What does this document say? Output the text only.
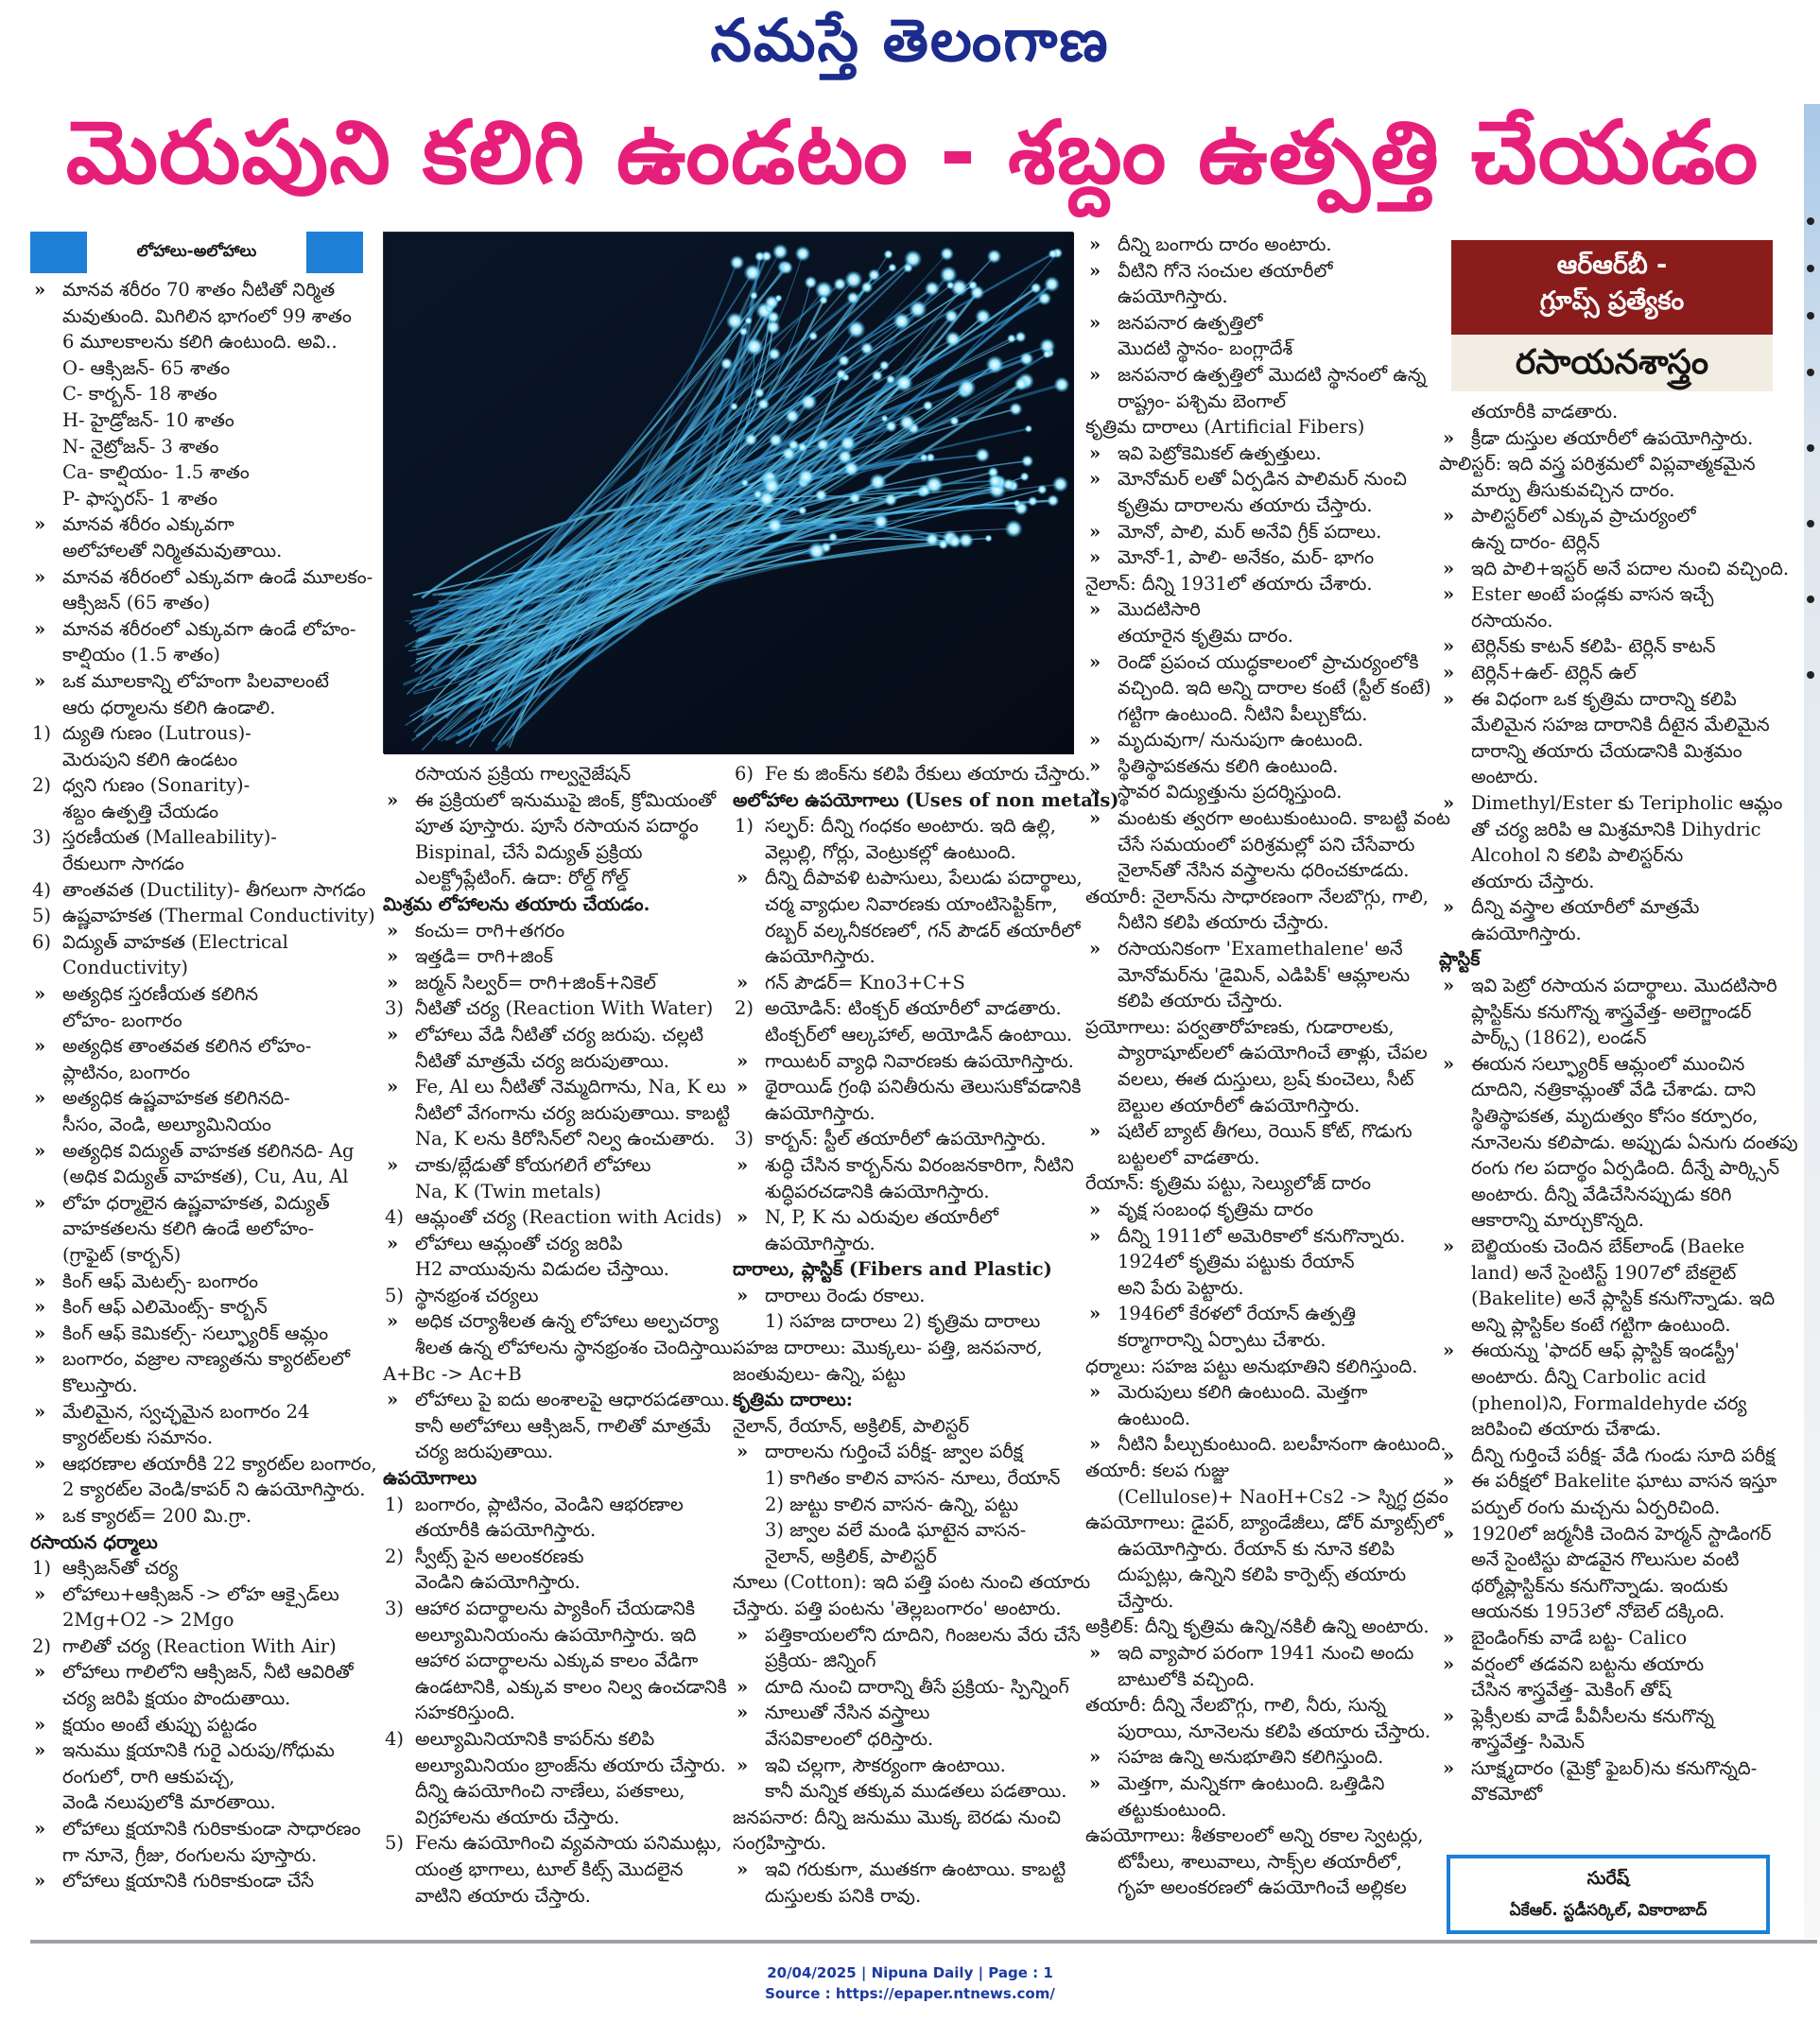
నమస్తే తెలంగాణ
మెరుపుని కలిగి ఉండటం - శబ్దం ఉత్పత్తి చేయడం
లోహాలు-అలోహాలు
» మానవ శరీరం 70 శాతం నీటితో నిర్మిత
మవుతుంది. మిగిలిన భాగంలో 99 శాతం
6 మూలకాలను కలిగి ఉంటుంది. అవి..
O- ఆక్సిజన్- 65 శాతం
C- కార్బన్- 18 శాతం
H- హైడ్రోజన్- 10 శాతం
N- నైట్రోజన్- 3 శాతం
Ca- కాల్షియం- 1.5 శాతం
P- ఫాస్ఫరస్- 1 శాతం
» మానవ శరీరం ఎక్కువగా
అలోహాలతో నిర్మితమవుతాయి.
» మానవ శరీరంలో ఎక్కువగా ఉండే మూలకం-
ఆక్సిజన్ (65 శాతం)
» మానవ శరీరంలో ఎక్కువగా ఉండే లోహం-
కాల్షియం (1.5 శాతం)
» ఒక మూలకాన్ని లోహంగా పిలవాలంటే
ఆరు ధర్మాలను కలిగి ఉండాలి.
1) ద్యుతి గుణం (Lutrous)-
మెరుపుని కలిగి ఉండటం
2) ధ్వని గుణం (Sonarity)-
శబ్దం ఉత్పత్తి చేయడం
3) స్తరణీయత (Malleability)-
రేకులుగా సాగడం
4) తాంతవత (Ductility)- తీగలుగా సాగడం
5) ఉష్ణవాహకత (Thermal Conductivity)
6) విద్యుత్ వాహకత (Electrical
Conductivity)
» అత్యధిక స్తరణీయత కలిగిన
లోహం- బంగారం
» అత్యధిక తాంతవత కలిగిన లోహం-
ప్లాటినం, బంగారం
» అత్యధిక ఉష్ణవాహకత కలిగినది-
సీసం, వెండి, అల్యూమినియం
» అత్యధిక విద్యుత్ వాహకత కలిగినది- Ag
(అధిక విద్యుత్ వాహకత), Cu, Au, Al
» లోహ ధర్మాలైన ఉష్ణవాహకత, విద్యుత్
వాహకతలను కలిగి ఉండే అలోహం-
(గ్రాఫైట్ (కార్బన్)
» కింగ్ ఆఫ్ మెటల్స్- బంగారం
» కింగ్ ఆఫ్ ఎలిమెంట్స్- కార్బన్
» కింగ్ ఆఫ్ కెమికల్స్- సల్ఫ్యూరిక్ ఆమ్లం
» బంగారం, వజ్రాల నాణ్యతను క్యారట్‌లలో
కొలుస్తారు.
» మేలిమైన, స్వచ్ఛమైన బంగారం 24
క్యారట్‌లకు సమానం.
» ఆభరణాల తయారీకి 22 క్యారట్‌ల బంగారం,
2 క్యారట్‌ల వెండి/కాపర్ ని ఉపయోగిస్తారు.
» ఒక క్యారట్= 200 మి.గ్రా.
రసాయన ధర్మాలు
1) ఆక్సిజన్‌తో చర్య
» లోహాలు+ఆక్సిజన్ -> లోహ ఆక్సైడ్‌లు
2Mg+O2 -> 2Mgo
2) గాలితో చర్య (Reaction With Air)
» లోహాలు గాలిలోని ఆక్సిజన్, నీటి ఆవిరితో
చర్య జరిపి క్షయం పొందుతాయి.
» క్షయం అంటే తుప్పు పట్టడం
» ఇనుము క్షయానికి గురై ఎరుపు/గోధుమ
రంగులో, రాగి ఆకుపచ్చ,
వెండి నలుపులోకి మారతాయి.
» లోహాలు క్షయానికి గురికాకుండా సాధారణం
గా నూనె, గ్రీజు, రంగులను పూస్తారు.
» లోహాలు క్షయానికి గురికాకుండా చేసే
రసాయన ప్రక్రియ గాల్వనైజేషన్
» ఈ ప్రక్రియలో ఇనుముపై జింక్, క్రోమియంతో
పూత పూస్తారు. పూసే రసాయన పదార్థం
Bispinal, చేసే విద్యుత్ ప్రక్రియ
ఎలక్ట్రోప్లేటింగ్. ఉదా: రోల్డ్ గోల్డ్
మిశ్రమ లోహాలను తయారు చేయడం.
» కంచు= రాగి+తగరం
» ఇత్తడి= రాగి+జింక్
» జర్మన్ సిల్వర్= రాగి+జింక్+నికెల్
3) నీటితో చర్య (Reaction With Water)
» లోహాలు వేడి నీటితో చర్య జరుపు. చల్లటి
నీటితో మాత్రమే చర్య జరుపుతాయి.
» Fe, Al లు నీటితో నెమ్మదిగాను, Na, K లు
నీటిలో వేగంగాను చర్య జరుపుతాయి. కాబట్టి
Na, K లను కిరోసిన్‌లో నిల్వ ఉంచుతారు.
» చాకు/బ్లేడుతో కోయగలిగే లోహాలు
Na, K (Twin metals)
4) ఆమ్లంతో చర్య (Reaction with Acids)
» లోహాలు ఆమ్లంతో చర్య జరిపి
H2 వాయువును విడుదల చేస్తాయి.
5) స్థానభ్రంశ చర్యలు
» అధిక చర్యాశీలత ఉన్న లోహాలు అల్పచర్యా
శీలత ఉన్న లోహాలను స్థానభ్రంశం చెందిస్తాయి.
A+Bc -> Ac+B
» లోహాలు పై ఐదు అంశాలపై ఆధారపడతాయి.
కానీ అలోహాలు ఆక్సిజన్, గాలితో మాత్రమే
చర్య జరుపుతాయి.
ఉపయోగాలు
1) బంగారం, ప్లాటినం, వెండిని ఆభరణాల
తయారీకి ఉపయోగిస్తారు.
2) స్వీట్స్ పైన అలంకరణకు
వెండిని ఉపయోగిస్తారు.
3) ఆహార పదార్థాలను ప్యాకింగ్ చేయడానికి
అల్యూమినియంను ఉపయోగిస్తారు. ఇది
ఆహార పదార్థాలను ఎక్కువ కాలం వేడిగా
ఉండటానికి, ఎక్కువ కాలం నిల్వ ఉంచడానికి
సహకరిస్తుంది.
4) అల్యూమినియానికి కాపర్‌ను కలిపి
అల్యూమినియం బ్రాంజ్‌ను తయారు చేస్తారు.
దీన్ని ఉపయోగించి నాణేలు, పతకాలు,
విగ్రహాలను తయారు చేస్తారు.
5) Feను ఉపయోగించి వ్యవసాయ పనిముట్లు,
యంత్ర భాగాలు, టూల్ కిట్స్ మొదలైన
వాటిని తయారు చేస్తారు.
6) Fe కు జింక్‌ను కలిపి రేకులు తయారు చేస్తారు.
అలోహాల ఉపయోగాలు (Uses of non metals)
1) సల్ఫర్: దీన్ని గంధకం అంటారు. ఇది ఉల్లి,
వెల్లుల్లి, గోర్లు, వెంట్రుకల్లో ఉంటుంది.
» దీన్ని దీపావళి టపాసులు, పేలుడు పదార్థాలు,
చర్మ వ్యాధుల నివారణకు యాంటిసెప్టిక్‌గా,
రబ్బర్ వల్కనీకరణలో, గన్ పౌడర్ తయారీలో
ఉపయోగిస్తారు.
» గన్ పౌడర్= Kno3+C+S
2) అయోడిన్: టింక్చర్ తయారీలో వాడతారు.
టింక్చర్‌లో ఆల్కహాల్, అయోడిన్ ఉంటాయి.
» గాయిటర్ వ్యాధి నివారణకు ఉపయోగిస్తారు.
» థైరాయిడ్ గ్రంథి పనితీరును తెలుసుకోవడానికి
ఉపయోగిస్తారు.
3) కార్బన్: స్టీల్ తయారీలో ఉపయోగిస్తారు.
» శుద్ధి చేసిన కార్బన్‌ను విరంజనకారిగా, నీటిని
శుద్ధిపరచడానికి ఉపయోగిస్తారు.
» N, P, K ను ఎరువుల తయారీలో
ఉపయోగిస్తారు.
దారాలు, ప్లాస్టిక్ (Fibers and Plastic)
» దారాలు రెండు రకాలు.
1) సహజ దారాలు 2) కృత్రిమ దారాలు
సహజ దారాలు: మొక్కలు- పత్తి, జనపనార,
జంతువులు- ఉన్ని, పట్టు
కృత్రిమ దారాలు:
నైలాన్, రేయాన్, అక్రిలిక్, పాలిస్టర్
» దారాలను గుర్తించే పరీక్ష- జ్వాల పరీక్ష
1) కాగితం కాలిన వాసన- నూలు, రేయాన్
2) జుట్టు కాలిన వాసన- ఉన్ని, పట్టు
3) జ్వాల వలే మండి ఘాటైన వాసన-
నైలాన్, అక్రిలిక్, పాలిస్టర్
నూలు (Cotton): ఇది పత్తి పంట నుంచి తయారు
చేస్తారు. పత్తి పంటను 'తెల్లబంగారం' అంటారు.
» పత్తికాయలలోని దూదిని, గింజలను వేరు చేసే
ప్రక్రియ- జిన్నింగ్
» దూది నుంచి దారాన్ని తీసే ప్రక్రియ- స్పిన్నింగ్
» నూలుతో నేసిన వస్త్రాలు
వేసవికాలంలో ధరిస్తారు.
» ఇవి చల్లగా, సౌకర్యంగా ఉంటాయి.
కానీ మన్నిక తక్కువ ముడతలు పడతాయి.
జనపనార: దీన్ని జనుము మొక్క బెరడు నుంచి
సంగ్రహిస్తారు.
» ఇవి గరుకుగా, ముతకగా ఉంటాయి. కాబట్టి
దుస్తులకు పనికి రావు.
» దీన్ని బంగారు దారం అంటారు.
» వీటిని గోనె సంచుల తయారీలో
ఉపయోగిస్తారు.
» జనపనార ఉత్పత్తిలో
మొదటి స్థానం- బంగ్లాదేశ్
» జనపనార ఉత్పత్తిలో మొదటి స్థానంలో ఉన్న
రాష్ట్రం- పశ్చిమ బెంగాల్
కృత్రిమ దారాలు (Artificial Fibers)
» ఇవి పెట్రోకెమికల్ ఉత్పత్తులు.
» మోనోమర్ లతో ఏర్పడిన పాలిమర్ నుంచి
కృత్రిమ దారాలను తయారు చేస్తారు.
» మోనో, పాలి, మర్ అనేవి గ్రీక్ పదాలు.
» మోనో-1, పాలి- అనేకం, మర్- భాగం
నైలాన్: దీన్ని 1931లో తయారు చేశారు.
» మొదటిసారి
తయారైన కృత్రిమ దారం.
» రెండో ప్రపంచ యుద్ధకాలంలో ప్రాచుర్యంలోకి
వచ్చింది. ఇది అన్ని దారాల కంటే (స్టీల్ కంటే)
గట్టిగా ఉంటుంది. నీటిని పీల్చుకోదు.
» మృదువుగా/ నునుపుగా ఉంటుంది.
» స్థితిస్థాపకతను కలిగి ఉంటుంది.
» స్థావర విద్యుత్తును ప్రదర్శిస్తుంది.
» మంటకు త్వరగా అంటుకుంటుంది. కాబట్టి వంట
చేసే సమయంలో పరిశ్రమల్లో పని చేసేవారు
నైలాన్‌తో నేసిన వస్త్రాలను ధరించకూడదు.
తయారీ: నైలాన్‌ను సాధారణంగా నేలబొగ్గు, గాలి,
నీటిని కలిపి తయారు చేస్తారు.
» రసాయనికంగా 'Examethalene' అనే
మోనోమర్‌ను 'డైమిన్, ఎడిపిక్' ఆమ్లాలను
కలిపి తయారు చేస్తారు.
ప్రయోగాలు: పర్వతారోహణకు, గుడారాలకు,
ప్యారాషూట్‌లలో ఉపయోగించే తాళ్లు, చేపల
వలలు, ఈత దుస్తులు, బ్రష్ కుంచెలు, సీట్
బెల్టుల తయారీలో ఉపయోగిస్తారు.
» షటిల్ బ్యాట్ తీగలు, రెయిన్ కోట్, గొడుగు
బట్టలలో వాడతారు.
రేయాన్: కృత్రిమ పట్టు, సెల్యులోజ్ దారం
» వృక్ష సంబంధ కృత్రిమ దారం
» దీన్ని 1911లో అమెరికాలో కనుగొన్నారు.
1924లో కృత్రిమ పట్టుకు రేయాన్
అని పేరు పెట్టారు.
» 1946లో కేరళలో రేయాన్ ఉత్పత్తి
కర్మాగారాన్ని ఏర్పాటు చేశారు.
ధర్మాలు: సహజ పట్టు అనుభూతిని కలిగిస్తుంది.
» మెరుపులు కలిగి ఉంటుంది. మెత్తగా
ఉంటుంది.
» నీటిని పీల్చుకుంటుంది. బలహీనంగా ఉంటుంది.
తయారీ: కలప గుజ్జు
(Cellulose)+ NaoH+Cs2 -> స్నిగ్ధ ద్రవం
ఉపయోగాలు: డైపర్, బ్యాండేజీలు, డోర్ మ్యాట్స్‌లో
ఉపయోగిస్తారు. రేయాన్ కు నూనె కలిపి
దుప్పట్లు, ఉన్నిని కలిపి కార్పెట్స్ తయారు
చేస్తారు.
అక్రిలిక్: దీన్ని కృత్రిమ ఉన్ని/నకిలీ ఉన్ని అంటారు.
» ఇది వ్యాపార పరంగా 1941 నుంచి అందు
బాటులోకి వచ్చింది.
తయారీ: దీన్ని నేలబొగ్గు, గాలి, నీరు, సున్న
పురాయి, నూనెలను కలిపి తయారు చేస్తారు.
» సహజ ఉన్ని అనుభూతిని కలిగిస్తుంది.
» మెత్తగా, మన్నికగా ఉంటుంది. ఒత్తిడిని
తట్టుకుంటుంది.
ఉపయోగాలు: శీతకాలంలో అన్ని రకాల స్వెటర్లు,
టోపీలు, శాలువాలు, సాక్స్‌ల తయారీలో,
గృహ అలంకరణలో ఉపయోగించే అల్లికల
ఆర్ఆర్‌బీ -
గ్రూప్స్ ప్రత్యేకం
రసాయనశాస్త్రం
తయారీకి వాడతారు.
» క్రీడా దుస్తుల తయారీలో ఉపయోగిస్తారు.
పాలిస్టర్: ఇది వస్త్ర పరిశ్రమలో విప్లవాత్మకమైన
మార్పు తీసుకువచ్చిన దారం.
» పాలిస్టర్‌లో ఎక్కువ ప్రాచుర్యంలో
ఉన్న దారం- టెర్లిన్
» ఇది పాలి+ఇస్టర్ అనే పదాల నుంచి వచ్చింది.
» Ester అంటే పండ్లకు వాసన ఇచ్చే
రసాయనం.
» టెర్లిన్‌కు కాటన్ కలిపి- టెర్లిన్ కాటన్
» టెర్లిన్+ఉల్- టెర్లిన్ ఉల్
» ఈ విధంగా ఒక కృత్రిమ దారాన్ని కలిపి
మేలిమైన సహజ దారానికి దీటైన మేలిమైన
దారాన్ని తయారు చేయడానికి మిశ్రమం
అంటారు.
» Dimethyl/Ester కు Teripholic ఆమ్లం
తో చర్య జరిపి ఆ మిశ్రమానికి Dihydric
Alcohol ని కలిపి పాలిస్టర్‌ను
తయారు చేస్తారు.
» దీన్ని వస్త్రాల తయారీలో మాత్రమే
ఉపయోగిస్తారు.
ప్లాస్టిక్
» ఇవి పెట్రో రసాయన పదార్థాలు. మొదటిసారి
ప్లాస్టిక్‌ను కనుగొన్న శాస్త్రవేత్త- అలెగ్జాండర్
పార్క్స్ (1862), లండన్
» ఈయన సల్ఫ్యూరిక్ ఆమ్లంలో ముంచిన
దూదిని, నత్రికామ్లంతో వేడి చేశాడు. దాని
స్థితిస్థాపకత, మృదుత్వం కోసం కర్పూరం,
నూనెలను కలిపాడు. అప్పుడు ఏనుగు దంతపు
రంగు గల పదార్థం ఏర్పడింది. దీన్నే పార్క్సిన్
అంటారు. దీన్ని వేడిచేసినప్పుడు కరిగి
ఆకారాన్ని మార్చుకొన్నది.
» బెల్జియంకు చెందిన బేక్‌లాండ్ (Baeke
land) అనే సైంటిస్ట్ 1907లో బేకలైట్
(Bakelite) అనే ప్లాస్టిక్ కనుగొన్నాడు. ఇది
అన్ని ప్లాస్టిక్‌ల కంటే గట్టిగా ఉంటుంది.
» ఈయన్ను 'ఫాదర్ ఆఫ్ ప్లాస్టిక్ ఇండస్ట్రీ'
అంటారు. దీన్ని Carbolic acid
(phenol)ని, Formaldehyde చర్య
జరిపించి తయారు చేశాడు.
» దీన్ని గుర్తించే పరీక్ష- వేడి గుండు సూది పరీక్ష
» ఈ పరీక్షలో Bakelite ఘాటు వాసన ఇస్తూ
పర్పుల్ రంగు మచ్చను ఏర్పరిచింది.
» 1920లో జర్మనీకి చెందిన హెర్మన్ స్టాడింగర్
అనే సైంటిస్టు పొడవైన గొలుసుల వంటి
థర్మోప్లాస్టిక్‌ను కనుగొన్నాడు. ఇందుకు
ఆయనకు 1953లో నోబెల్ దక్కింది.
» బైండింగ్‌కు వాడే బట్ట- Calico
» వర్షంలో తడవని బట్టను తయారు
చేసిన శాస్త్రవేత్త- మెకింగ్ తోష్
» ఫ్లెక్సీలకు వాడే పీవీసీలను కనుగొన్న
శాస్త్రవేత్త- సిమెన్
» సూక్ష్మదారం (మైక్రో ఫైబర్)ను కనుగొన్నది-
వొకమోటో
సురేష్
ఏకేఆర్. స్టడీసర్కిల్, వికారాబాద్
20/04/2025 | Nipuna Daily | Page : 1
Source : https://epaper.ntnews.com/
